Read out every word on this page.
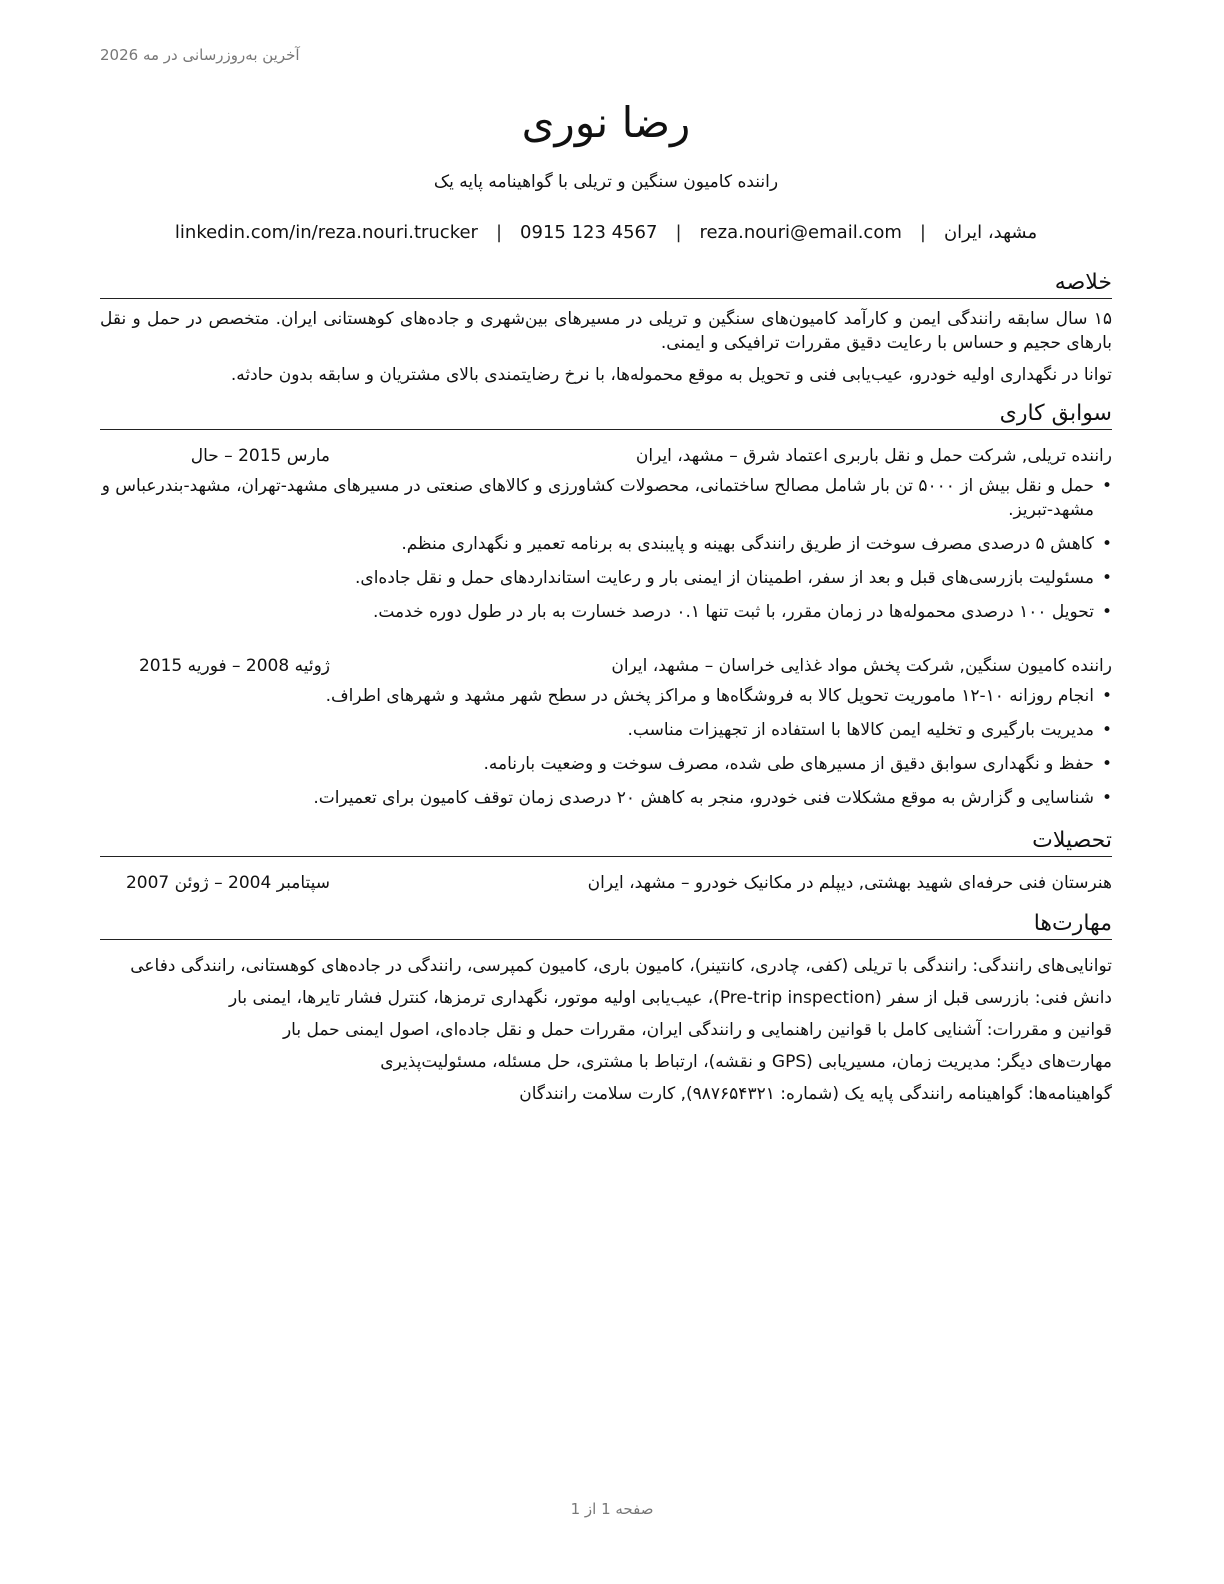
آخرین به‌روزرسانی در مه 2026
رضا نوری
راننده کامیون سنگین و تریلی با گواهینامه پایه یک
مشهد، ایران
|
reza.nouri@email.com
|
0915 123 4567
|
linkedin.com/in/reza.nouri.trucker
خلاصه

۱۵ سال سابقه رانندگی ایمن و کارآمد کامیون‌های سنگین و تریلی در مسیرهای بین‌شهری و جاده‌های کوهستانی ایران. متخصص در حمل و نقل بارهای حجیم و حساس با رعایت دقیق مقررات ترافیکی و ایمنی.

توانا در نگهداری اولیه خودرو، عیب‌یابی فنی و تحویل به موقع محموله‌ها، با نرخ رضایتمندی بالای مشتریان و سابقه بدون حادثه.

سوابق کاری
راننده تریلی, شرکت حمل و نقل باربری اعتماد شرق – مشهد، ایران
مارس 2015 – حال
•
حمل و نقل بیش از ۵۰۰۰ تن بار شامل مصالح ساختمانی، محصولات کشاورزی و کالاهای صنعتی در مسیرهای مشهد-تهران، مشهد-بندرعباس و مشهد-تبریز.
•
کاهش ۵ درصدی مصرف سوخت از طریق رانندگی بهینه و پایبندی به برنامه تعمیر و نگهداری منظم.
•
مسئولیت بازرسی‌های قبل و بعد از سفر، اطمینان از ایمنی بار و رعایت استانداردهای حمل و نقل جاده‌ای.
•
تحویل ۱۰۰ درصدی محموله‌ها در زمان مقرر، با ثبت تنها ۰.۱ درصد خسارت به بار در طول دوره خدمت.
راننده کامیون سنگین, شرکت پخش مواد غذایی خراسان – مشهد، ایران
ژوئیه 2008 – فوریه 2015
•
انجام روزانه ۱۰-۱۲ ماموریت تحویل کالا به فروشگاه‌ها و مراکز پخش در سطح شهر مشهد و شهرهای اطراف.
•
مدیریت بارگیری و تخلیه ایمن کالاها با استفاده از تجهیزات مناسب.
•
حفظ و نگهداری سوابق دقیق از مسیرهای طی شده، مصرف سوخت و وضعیت بارنامه.
•
شناسایی و گزارش به موقع مشکلات فنی خودرو، منجر به کاهش ۲۰ درصدی زمان توقف کامیون برای تعمیرات.
تحصیلات
هنرستان فنی حرفه‌ای شهید بهشتی, دیپلم در مکانیک خودرو – مشهد، ایران
سپتامبر 2004 – ژوئن 2007
مهارت‌ها
توانایی‌های رانندگی: رانندگی با تریلی (کفی، چادری، کانتینر)، کامیون باری، کامیون کمپرسی، رانندگی در جاده‌های کوهستانی، رانندگی دفاعی
دانش فنی: بازرسی قبل از سفر (Pre-trip inspection)، عیب‌یابی اولیه موتور، نگهداری ترمزها، کنترل فشار تایرها، ایمنی بار
قوانین و مقررات: آشنایی کامل با قوانین راهنمایی و رانندگی ایران، مقررات حمل و نقل جاده‌ای، اصول ایمنی حمل بار
مهارت‌های دیگر: مدیریت زمان، مسیریابی (GPS و نقشه)، ارتباط با مشتری، حل مسئله، مسئولیت‌پذیری
گواهینامه‌ها: گواهینامه رانندگی پایه یک (شماره: ۹۸۷۶۵۴۳۲۱), کارت سلامت رانندگان
صفحه 1 از 1
